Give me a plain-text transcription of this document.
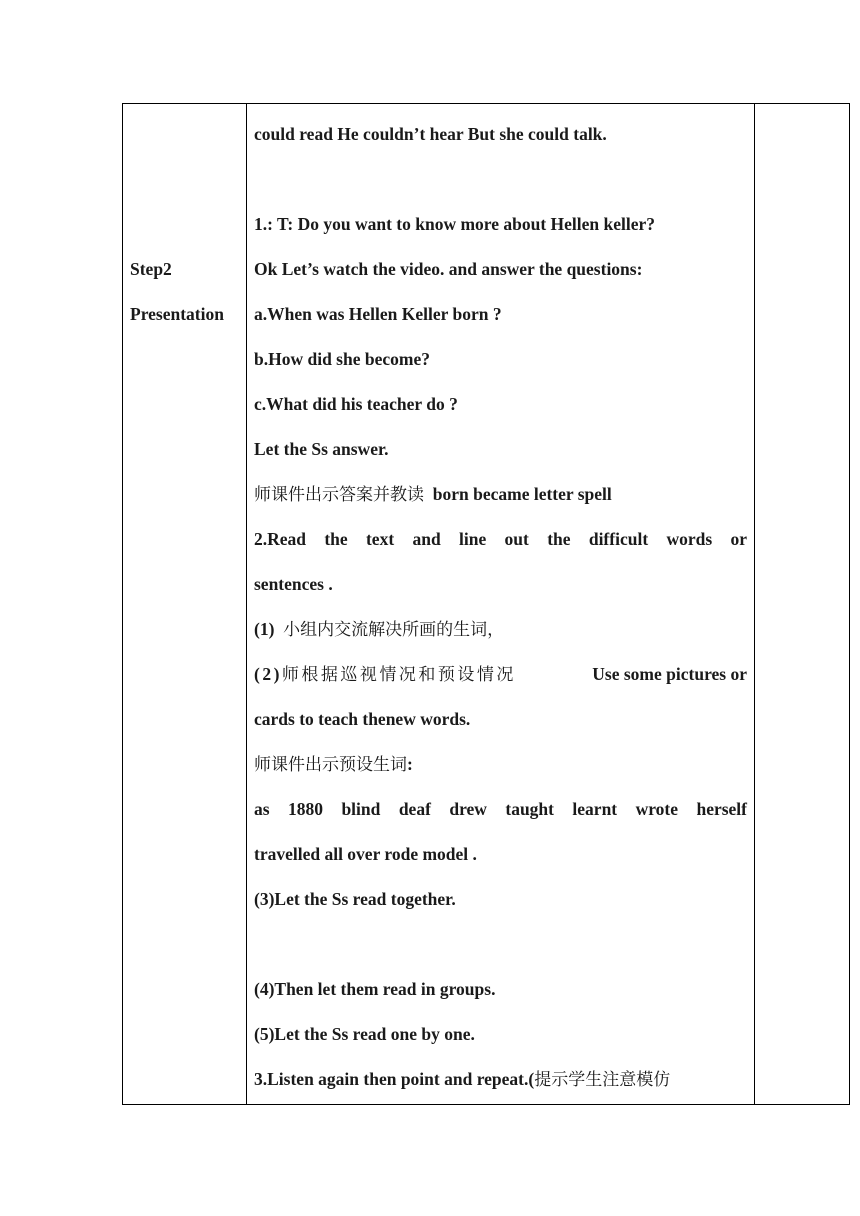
Step2
Presentation

could read He couldn’t hear But she could talk.
1.: T: Do you want to know more about Hellen keller?
Ok Let’s watch the video. and answer the questions:
a.When was Hellen Keller born ?
b.How did she become?
c.What did his teacher do ?
Let the Ss answer.
师课件出示答案并教读 born became letter spell
2.Read the text and line out the difficult words or
sentences .
(1) 小组内交流解决所画的生词，
(2)师根据巡视情况和预设情况	Use some pictures or
cards to teach thenew words.
师课件出示预设生词:
as 1880 blind deaf drew taught learnt wrote herself
travelled all over rode model .
(3)Let the Ss read together.
(4)Then let them read in groups.
(5)Let the Ss read one by one.
3.Listen again then point and repeat.(提示学生注意模仿
